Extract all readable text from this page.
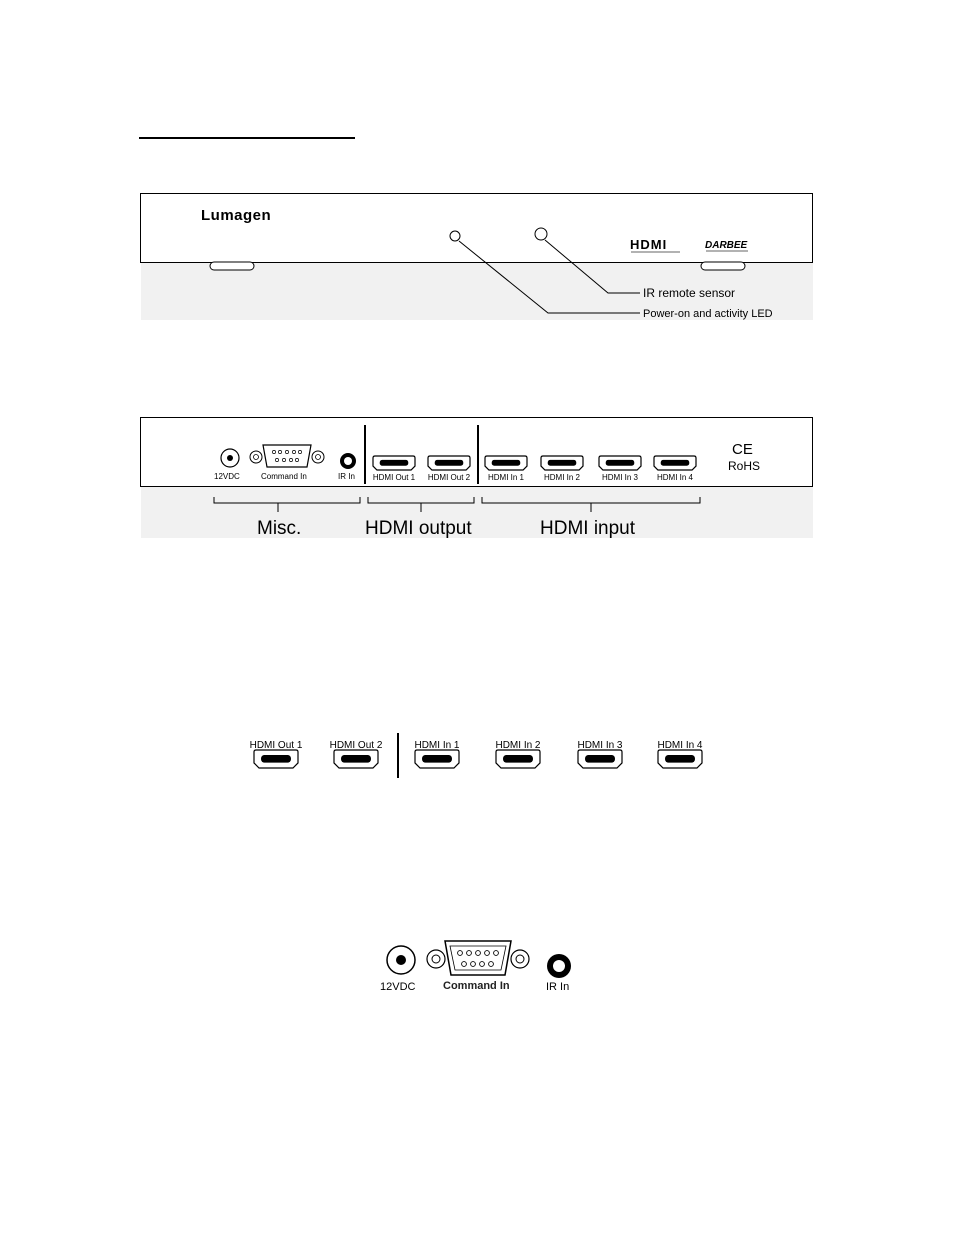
Lumagen
HDMI	DARBEE
IR remote sensor
Power-on and activity LED
12VDC	Command In	IR In HDMI Out 1 HDMI Out 2 HDMI In 1 HDMI In 2	HDMI In 3 HDMI In 4
CE
RoHS
Misc.	HDMI output	HDMI input
HDMI Out 1	HDMI Out 2	HDMI In 1	HDMI In 2	HDMI In 3	HDMI In 4
12VDC	Command In	IR In
